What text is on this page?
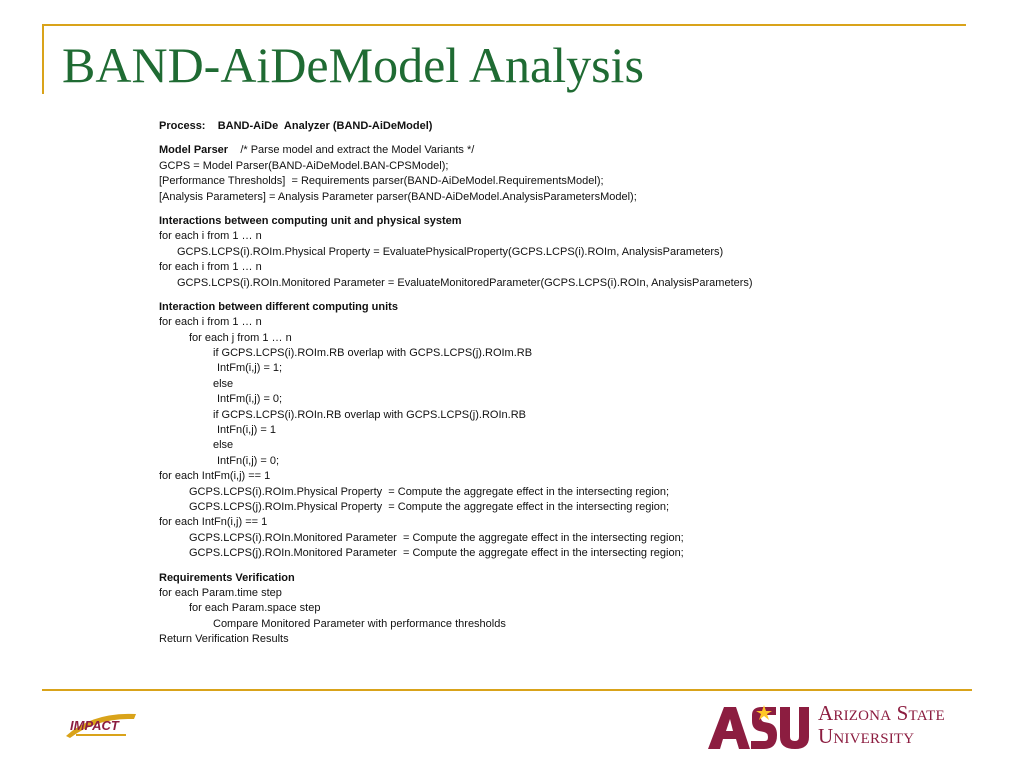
BAND-AiDeModel Analysis
Process: BAND-AiDe  Analyzer (BAND-AiDeModel)
Model Parser /* Parse model and extract the Model Variants */
GCPS = Model Parser(BAND-AiDeModel.BAN-CPSModel);
[Performance Thresholds]  = Requirements parser(BAND-AiDeModel.RequirementsModel);
[Analysis Parameters] = Analysis Parameter parser(BAND-AiDeModel.AnalysisParametersModel);
Interactions between computing unit and physical system
for each i from 1 … n
GCPS.LCPS(i).ROIm.Physical Property = EvaluatePhysicalProperty(GCPS.LCPS(i).ROIm, AnalysisParameters)
for each i from 1 … n
GCPS.LCPS(i).ROIn.Monitored Parameter = EvaluateMonitoredParameter(GCPS.LCPS(i).ROIn, AnalysisParameters)
Interaction between different computing units
for each i from 1 … n
for each j from 1 … n
if GCPS.LCPS(i).ROIm.RB overlap with GCPS.LCPS(j).ROIm.RB
IntFm(i,j) = 1;
else
IntFm(i,j) = 0;
if GCPS.LCPS(i).ROIn.RB overlap with GCPS.LCPS(j).ROIn.RB
IntFn(i,j) = 1
else
IntFn(i,j) = 0;
for each IntFm(i,j) == 1
GCPS.LCPS(i).ROIm.Physical Property  = Compute the aggregate effect in the intersecting region;
GCPS.LCPS(j).ROIm.Physical Property  = Compute the aggregate effect in the intersecting region;
for each IntFn(i,j) == 1
GCPS.LCPS(i).ROIn.Monitored Parameter  = Compute the aggregate effect in the intersecting region;
GCPS.LCPS(j).ROIn.Monitored Parameter  = Compute the aggregate effect in the intersecting region;
Requirements Verification
for each Param.time step
for each Param.space step
Compare Monitored Parameter with performance thresholds
Return Verification Results
IMPACT
Arizona State
University
